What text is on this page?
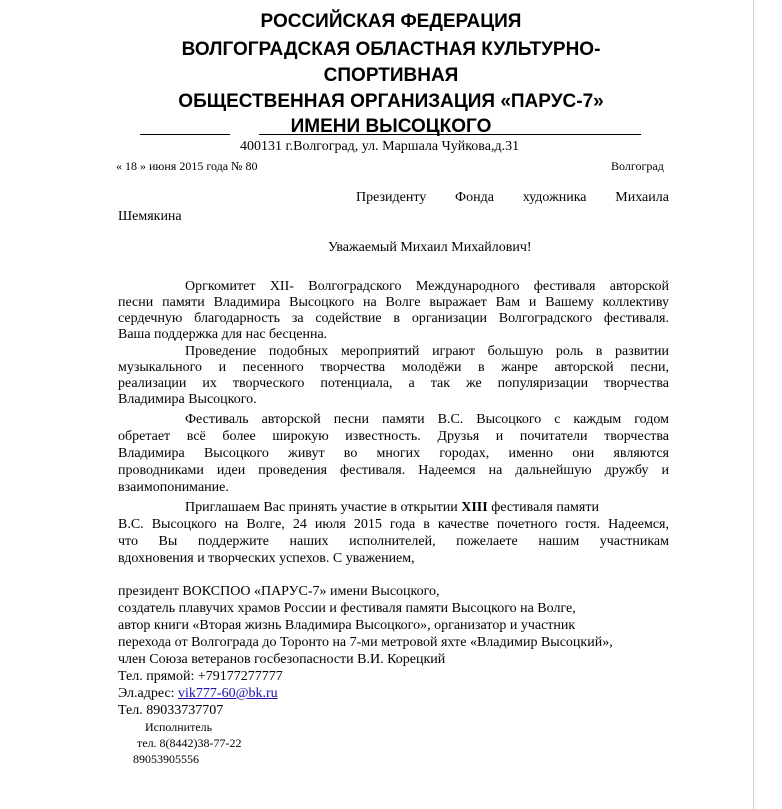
РОССИЙСКАЯ ФЕДЕРАЦИЯ
ВОЛГОГРАДСКАЯ ОБЛАСТНАЯ КУЛЬТУРНО-
СПОРТИВНАЯ
ОБЩЕСТВЕННАЯ ОРГАНИЗАЦИЯ «ПАРУС-7»
ИМЕНИ ВЫСОЦКОГО
400131 г.Волгоград, ул. Маршала Чуйкова,д.31
« 18 » июня 2015 года № 80	Волгоград
Президенту Фонда художника Михаила
Шемякина
Уважаемый Михаил Михайлович!
Оргкомитет XII- Волгоградского Международного фестиваля авторской
песни памяти Владимира Высоцкого на Волге выражает Вам и Вашему коллективу
сердечную благодарность за содействие в организации Волгоградского фестиваля.
Ваша поддержка для нас бесценна.
Проведение подобных мероприятий играют большую роль в развитии
музыкального и песенного творчества молодёжи в жанре авторской песни,
реализации их творческого потенциала, а так же популяризации творчества
Владимира Высоцкого.
Фестиваль авторской песни памяти В.С. Высоцкого с каждым годом
обретает всё более широкую известность. Друзья и почитатели творчества
Владимира Высоцкого живут во многих городах, именно они являются
проводниками идеи проведения фестиваля. Надеемся на дальнейшую дружбу и
взаимопонимание.
Приглашаем Вас принять участие в открытии XIII фестиваля памяти
В.С. Высоцкого на Волге, 24 июля 2015 года в качестве почетного гостя. Надеемся,
что Вы поддержите наших исполнителей, пожелаете нашим участникам
вдохновения и творческих успехов. С уважением,
президент ВОКСПОО «ПАРУС-7» имени Высоцкого,
создатель плавучих храмов России и фестиваля памяти Высоцкого на Волге,
автор книги «Вторая жизнь Владимира Высоцкого», организатор и участник
перехода от Волгограда до Торонто на 7-ми метровой яхте «Владимир Высоцкий»,
член Союза ветеранов госбезопасности В.И. Корецкий
Тел. прямой: +79177277777
Эл.адрес: vik777-60@bk.ru
Тел. 89033737707
Исполнитель
тел. 8(8442)38-77-22
89053905556
